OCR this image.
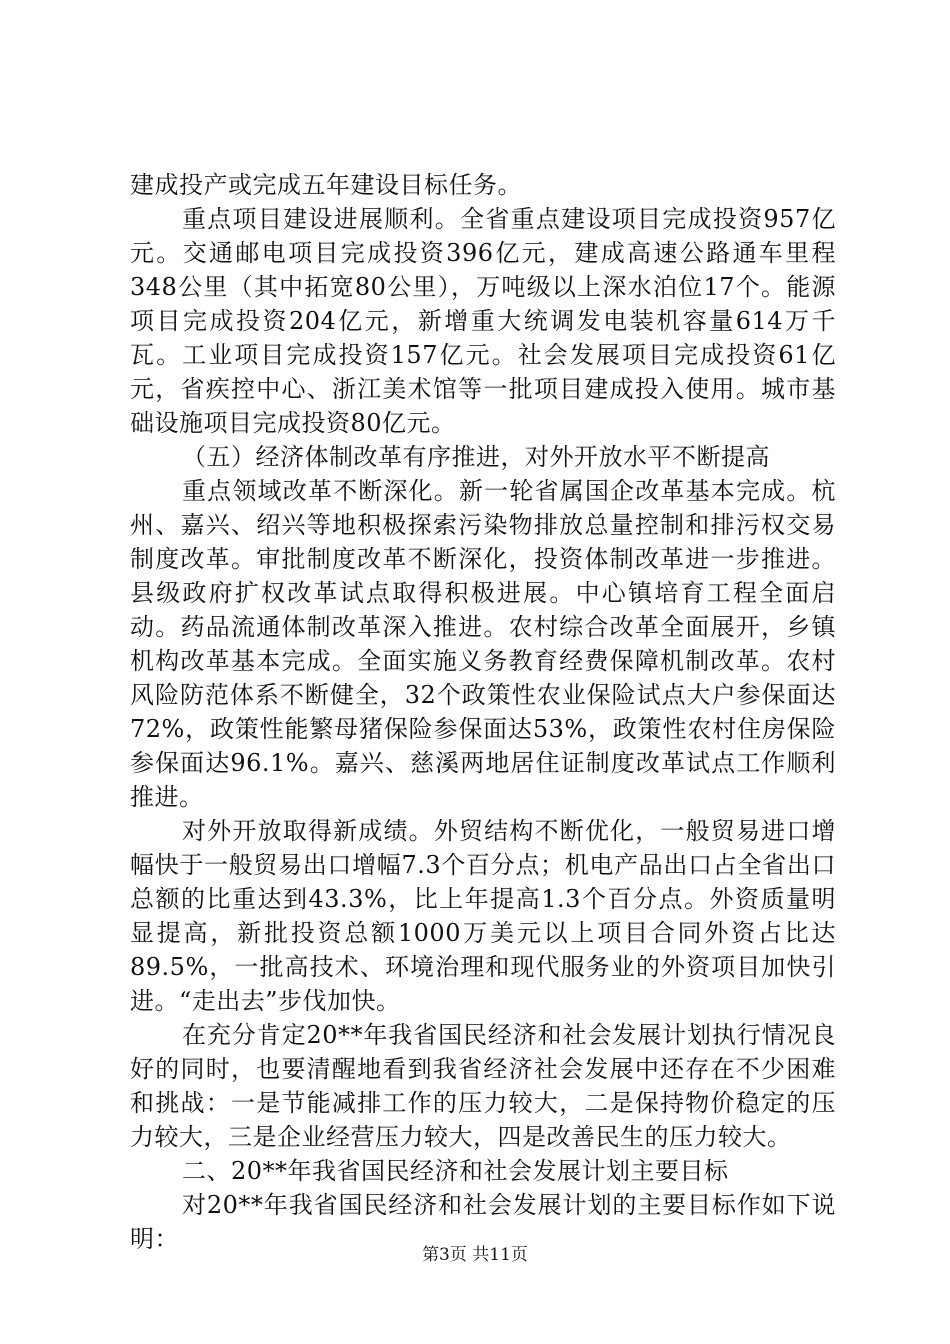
建成投产或完成五年建设目标任务。

重点项目建设进展顺利。全省重点建设项目完成投资957亿元。交通邮电项目完成投资396亿元，建成高速公路通车里程348公里（其中拓宽80公里），万吨级以上深水泊位17个。能源项目完成投资204亿元，新增重大统调发电装机容量614万千瓦。工业项目完成投资157亿元。社会发展项目完成投资61亿元，省疾控中心、浙江美术馆等一批项目建成投入使用。城市基础设施项目完成投资80亿元。

（五）经济体制改革有序推进，对外开放水平不断提高

重点领域改革不断深化。新一轮省属国企改革基本完成。杭州、嘉兴、绍兴等地积极探索污染物排放总量控制和排污权交易制度改革。审批制度改革不断深化，投资体制改革进一步推进。县级政府扩权改革试点取得积极进展。中心镇培育工程全面启动。药品流通体制改革深入推进。农村综合改革全面展开，乡镇机构改革基本完成。全面实施义务教育经费保障机制改革。农村风险防范体系不断健全，32个政策性农业保险试点大户参保面达72%，政策性能繁母猪保险参保面达53%，政策性农村住房保险参保面达96.1%。嘉兴、慈溪两地居住证制度改革试点工作顺利推进。

对外开放取得新成绩。外贸结构不断优化，一般贸易进口增幅快于一般贸易出口增幅7.3个百分点；机电产品出口占全省出口总额的比重达到43.3%，比上年提高1.3个百分点。外资质量明显提高，新批投资总额1000万美元以上项目合同外资占比达89.5%，一批高技术、环境治理和现代服务业的外资项目加快引进。“走出去”步伐加快。

在充分肯定20**年我省国民经济和社会发展计划执行情况良好的同时，也要清醒地看到我省经济社会发展中还存在不少困难和挑战：一是节能减排工作的压力较大，二是保持物价稳定的压力较大，三是企业经营压力较大，四是改善民生的压力较大。

二、20**年我省国民经济和社会发展计划主要目标

对20**年我省国民经济和社会发展计划的主要目标作如下说明：

第3页 共11页
